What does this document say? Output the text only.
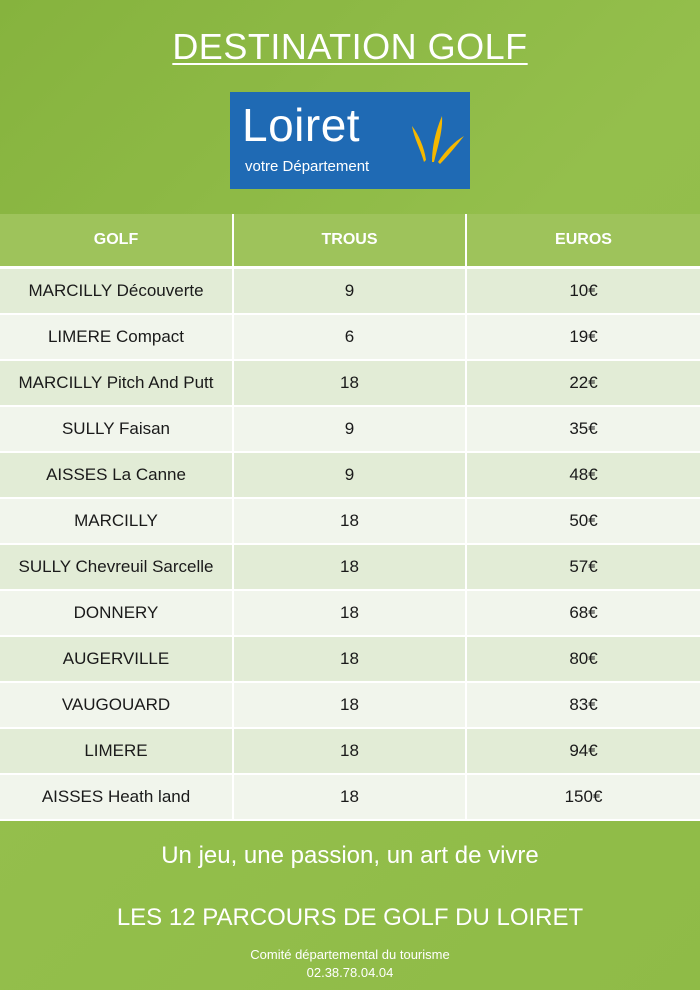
DESTINATION GOLF
Loiret
votre Département
GOLF	TROUS	EUROS
MARCILLY Découverte	9	10€
LIMERE Compact	6	19€
MARCILLY Pitch And Putt	18	22€
SULLY Faisan	9	35€
AISSES La Canne	9	48€
MARCILLY	18	50€
SULLY Chevreuil Sarcelle	18	57€
DONNERY	18	68€
AUGERVILLE	18	80€
VAUGOUARD	18	83€
LIMERE	18	94€
AISSES Heath land	18	150€
Un jeu, une passion, un art de vivre
LES 12 PARCOURS DE GOLF DU LOIRET
Comité départemental du tourisme
02.38.78.04.04
